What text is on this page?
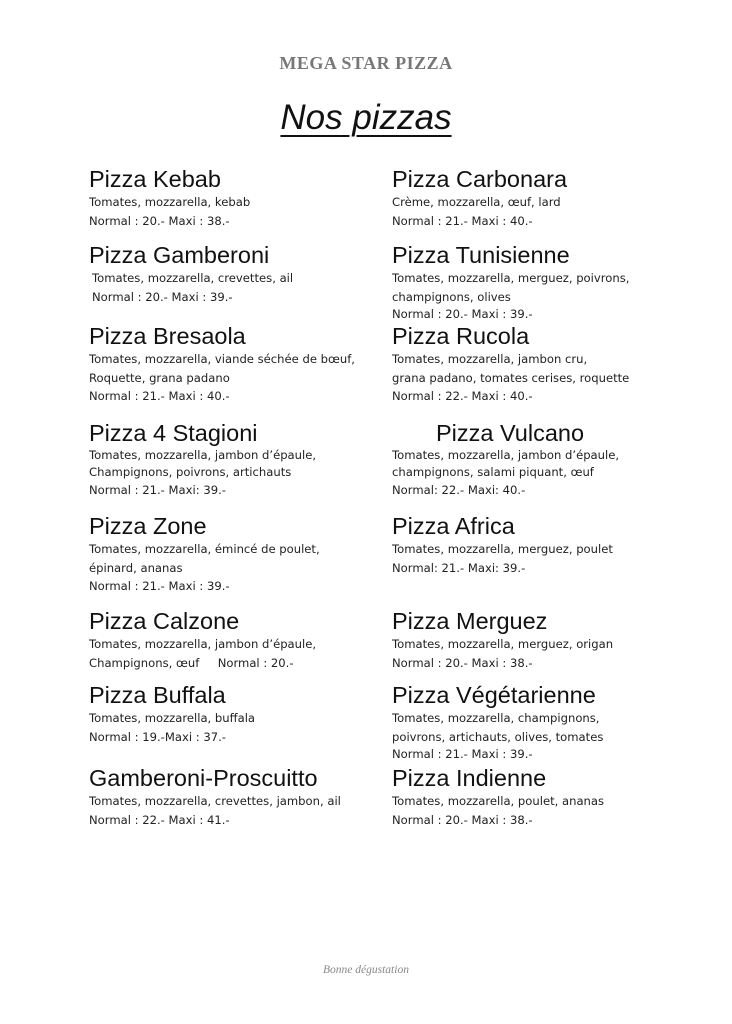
MEGA STAR PIZZA
Nos pizzas
Pizza Kebab
Tomates, mozzarella, kebab
Normal : 20.- Maxi : 38.-
Pizza Carbonara
Crème, mozzarella, œuf, lard
Normal : 21.- Maxi : 40.-
Pizza Gamberoni
Tomates, mozzarella, crevettes, ail
Normal : 20.- Maxi : 39.-
Pizza Tunisienne
Tomates, mozzarella, merguez, poivrons,
champignons, olives
Normal : 20.- Maxi : 39.-
Pizza Bresaola
Tomates, mozzarella, viande séchée de bœuf,
Roquette, grana padano
Normal : 21.- Maxi : 40.-
Pizza Rucola
Tomates, mozzarella, jambon cru,
grana padano, tomates cerises, roquette
Normal : 22.- Maxi : 40.-
Pizza 4 Stagioni
Tomates, mozzarella, jambon d’épaule,
Champignons, poivrons, artichauts
Normal : 21.- Maxi: 39.-
Pizza Vulcano
Tomates, mozzarella, jambon d’épaule,
champignons, salami piquant, œuf
Normal: 22.- Maxi: 40.-
Pizza Zone
Tomates, mozzarella, émincé de poulet,
épinard, ananas
Normal : 21.- Maxi : 39.-
Pizza Africa
Tomates, mozzarella, merguez, poulet
Normal: 21.- Maxi: 39.-
Pizza Calzone
Tomates, mozzarella, jambon d’épaule,
Champignons, œuf     Normal : 20.-
Pizza Merguez
Tomates, mozzarella, merguez, origan
Normal : 20.- Maxi : 38.-
Pizza Buffala
Tomates, mozzarella, buffala
Normal : 19.-Maxi : 37.-
Pizza Végétarienne
Tomates, mozzarella, champignons,
poivrons, artichauts, olives, tomates
Normal : 21.- Maxi : 39.-
Gamberoni-Proscuitto
Tomates, mozzarella, crevettes, jambon, ail
Normal : 22.- Maxi : 41.-
Pizza Indienne
Tomates, mozzarella, poulet, ananas
Normal : 20.- Maxi : 38.-
Bonne dégustation
